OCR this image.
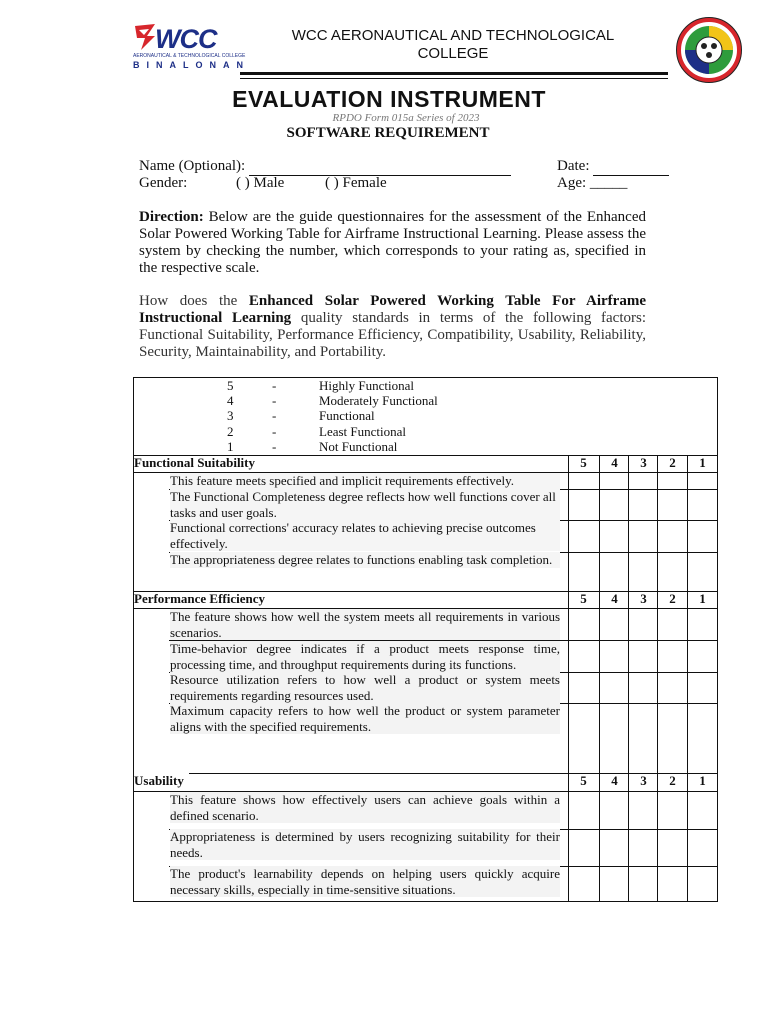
WCC
AERONAUTICAL & TECHNOLOGICAL COLLEGE
BINALONAN
WCC AERONAUTICAL AND TECHNOLOGICAL COLLEGE
EVALUATION INSTRUMENT
RPDO Form 015a Series of 2023
SOFTWARE REQUIREMENT
Name (Optional):	Date:
Gender:	( ) Male	( ) Female	Age: _____
Direction: Below are the guide questionnaires for the assessment of the Enhanced Solar Powered Working Table for Airframe Instructional Learning. Please assess the system by checking the number, which corresponds to your rating as, specified in the respective scale.
How does the Enhanced Solar Powered Working Table For Airframe Instructional Learning quality standards in terms of the following factors: Functional Suitability, Performance Efficiency, Compatibility, Usability, Reliability, Security, Maintainability, and Portability.
5	-	Highly Functional
4	-	Moderately Functional
3	-	Functional
2	-	Least Functional
1	-	Not Functional
Functional Suitability	5	4	3	2	1
This feature meets specified and implicit requirements effectively.
The Functional Completeness degree reflects how well functions cover all tasks and user goals.
Functional corrections' accuracy relates to achieving precise outcomes effectively.
The appropriateness degree relates to functions enabling task completion.
Performance Efficiency	5	4	3	2	1
The feature shows how well the system meets all requirements in various scenarios.
Time-behavior degree indicates if a product meets response time, processing time, and throughput requirements during its functions.
Resource utilization refers to how well a product or system meets requirements regarding resources used.
Maximum capacity refers to how well the product or system parameter aligns with the specified requirements.
Usability	5	4	3	2	1
This feature shows how effectively users can achieve goals within a defined scenario.
Appropriateness is determined by users recognizing suitability for their needs.
The product's learnability depends on helping users quickly acquire necessary skills, especially in time-sensitive situations.
